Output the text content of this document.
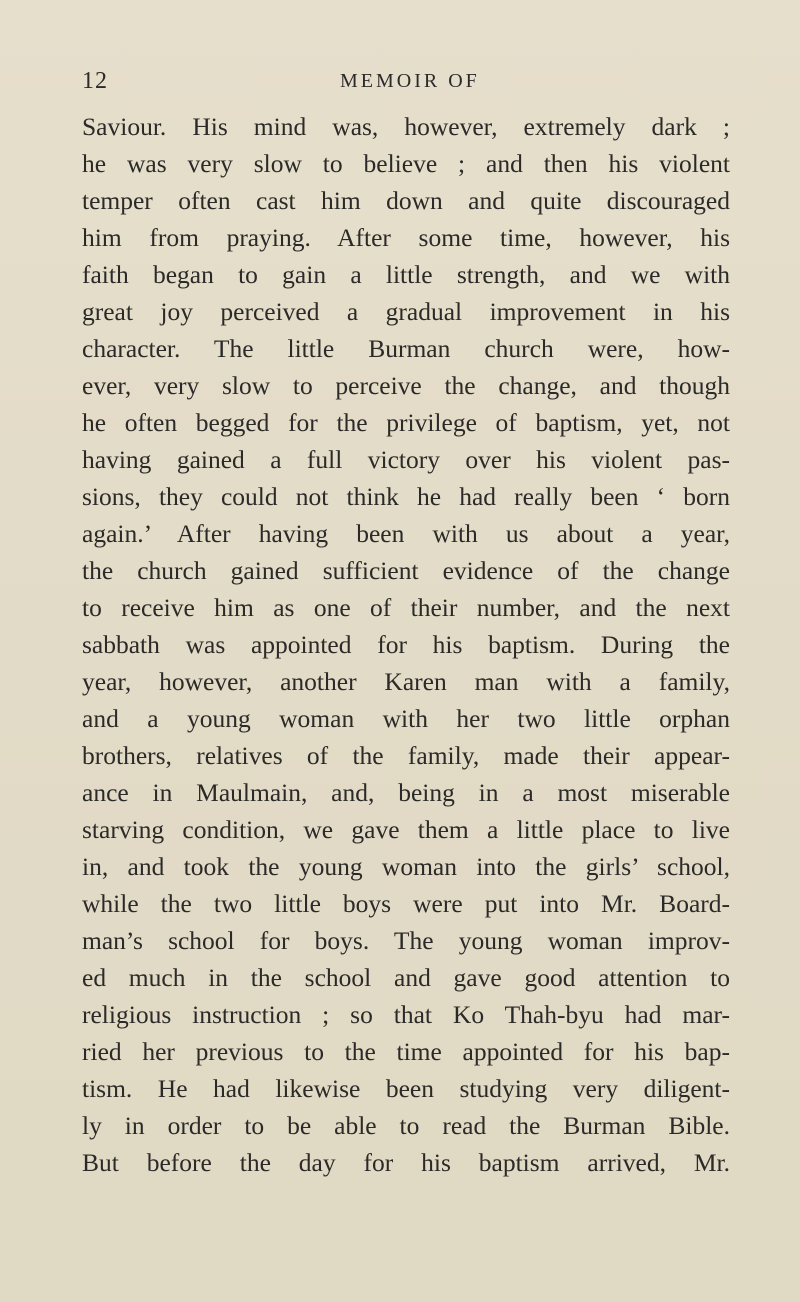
12	MEMOIR OF
Saviour. His mind was, however, extremely dark ;
he was very slow to believe ; and then his violent
temper often cast him down and quite discouraged
him from praying. After some time, however, his
faith began to gain a little strength, and we with
great joy perceived a gradual improvement in his
character. The little Burman church were, how-
ever, very slow to perceive the change, and though
he often begged for the privilege of baptism, yet, not
having gained a full victory over his violent pas-
sions, they could not think he had really been ‘ born
again.’ After having been with us about a year,
the church gained sufficient evidence of the change
to receive him as one of their number, and the next
sabbath was appointed for his baptism. During the
year, however, another Karen man with a family,
and a young woman with her two little orphan
brothers, relatives of the family, made their appear-
ance in Maulmain, and, being in a most miserable
starving condition, we gave them a little place to live
in, and took the young woman into the girls’ school,
while the two little boys were put into Mr. Board-
man’s school for boys. The young woman improv-
ed much in the school and gave good attention to
religious instruction ; so that Ko Thah-byu had mar-
ried her previous to the time appointed for his bap-
tism. He had likewise been studying very diligent-
ly in order to be able to read the Burman Bible.
But before the day for his baptism arrived, Mr.
